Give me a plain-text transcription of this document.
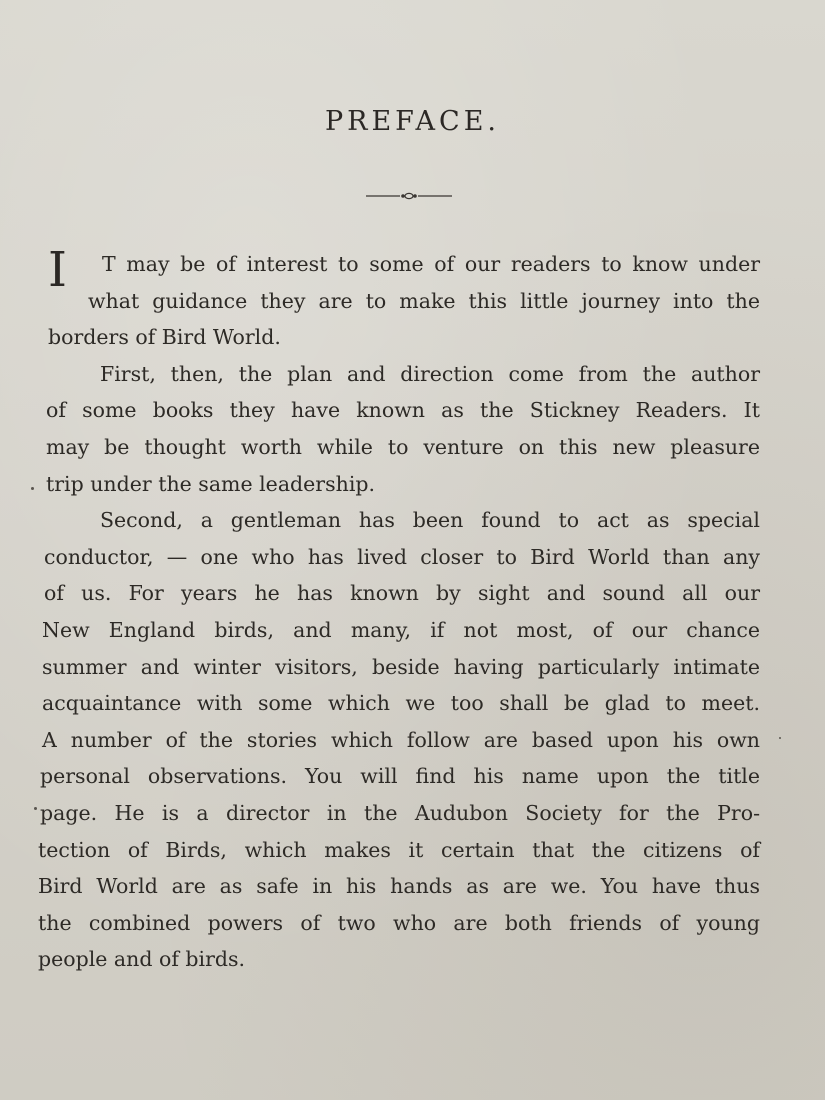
PREFACE.
I T may be of interest to some of our readers to know under
what guidance they are to make this little journey into the
borders of Bird World.
First, then, the plan and direction come from the author
of some books they have known as the Stickney Readers. It
may be thought worth while to venture on this new pleasure
trip under the same leadership.
Second, a gentleman has been found to act as special
conductor, — one who has lived closer to Bird World than any
of us. For years he has known by sight and sound all our
New England birds, and many, if not most, of our chance
summer and winter visitors, beside having particularly intimate
acquaintance with some which we too shall be glad to meet.
A number of the stories which follow are based upon his own
personal observations. You will find his name upon the title
page. He is a director in the Audubon Society for the Pro-
tection of Birds, which makes it certain that the citizens of
Bird World are as safe in his hands as are we. You have thus
the combined powers of two who are both friends of young
people and of birds.
